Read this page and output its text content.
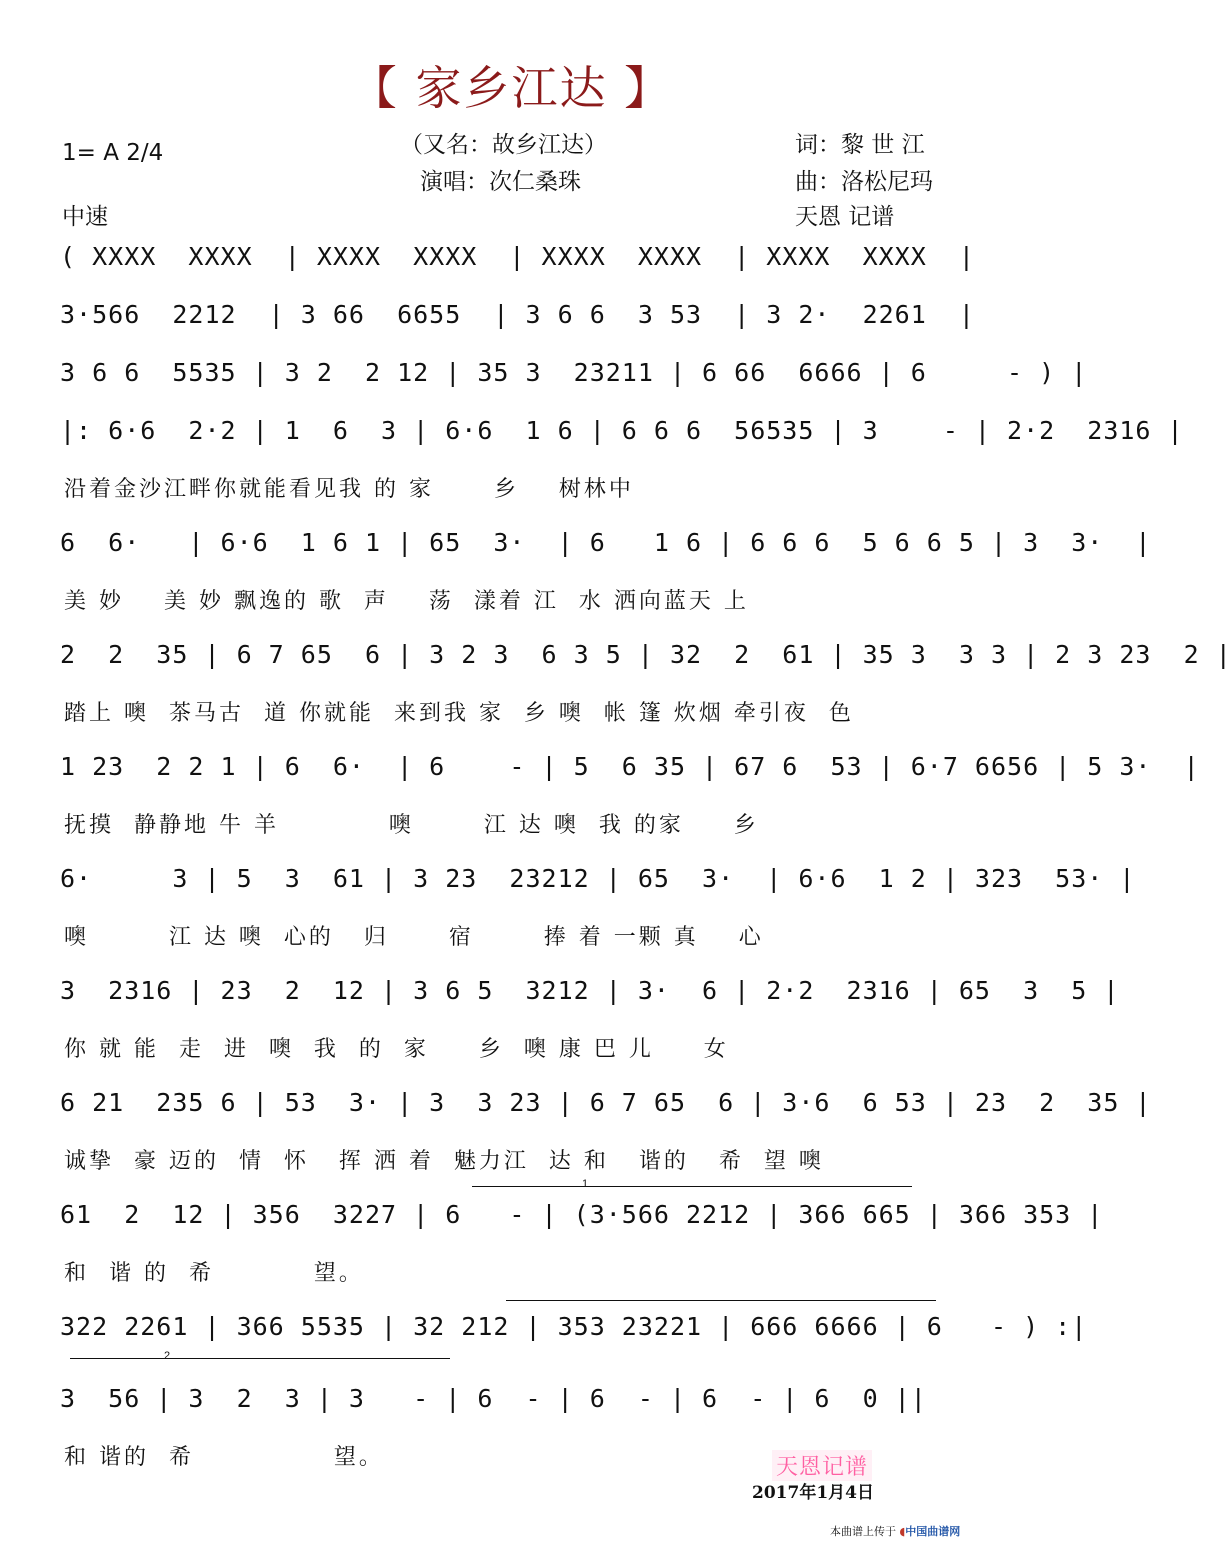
【 家乡江达 】
（又名：故乡江达）
演唱：次仁桑珠
词：黎 世 江
曲：洛松尼玛
天恩 记谱
1= A 2/4
中速

( XXXX  XXXX  | XXXX  XXXX  | XXXX  XXXX  | XXXX  XXXX  |

3·566  2212  | 3 66  6655  | 3 6 6  3 53  | 3 2·  2261  |

3 6 6  5535 | 3 2  2 12 | 35 3  23211 | 6 66  6666 | 6     - ) |

|: 6·6  2·2 | 1  6  3 | 6·6  1 6 | 6 6 6  56535 | 3    - | 2·2  2316 |

沿着金沙江畔你就能看见我 的 家      乡    树林中

6  6·   | 6·6  1 6 1 | 65  3·  | 6   1 6 | 6 6 6  5 6 6 5 | 3  3·  |

美 妙    美 妙 飘逸的 歌  声    荡  漾着 江  水 洒向蓝天 上

2  2  35 | 6 7 65  6 | 3 2 3  6 3 5 | 32  2  61 | 35 3  3 3 | 2 3 23  2 |

踏上 噢  茶马古  道 你就能  来到我 家  乡 噢  帐 篷 炊烟 牵引夜  色

1 23  2 2 1 | 6  6·  | 6    - | 5  6 35 | 67 6  53 | 6·7 6656 | 5 3·  |

抚摸  静静地 牛 羊           噢       江 达 噢  我 的家     乡

6·     3 | 5  3  61 | 3 23  23212 | 65  3·  | 6·6  1 2 | 323  53· |

噢        江 达 噢  心的   归      宿       捧 着 一颗 真    心

3  2316 | 23  2  12 | 3 6 5  3212 | 3·  6 | 2·2  2316 | 65  3  5 |

你 就 能  走  进  噢  我  的  家     乡  噢 康 巴 儿     女

6 21  235 6 | 53  3· | 3  3 23 | 6 7 65  6 | 3·6  6 53 | 23  2  35 |

诚挚  豪 迈的  情  怀   挥 洒 着  魅力江  达 和   谐的   希  望 噢

1

61  2  12 | 356  3227 | 6   - | (3·566 2212 | 366 665 | 366 353 |

和  谐 的  希          望。

322 2261 | 366 5535 | 32 212 | 353 23221 | 666 6666 | 6   - ) :|

2

3  56 | 3  2  3 | 3   - | 6  - | 6  - | 6  - | 6  0 ||

和 谐的  希              望。

	天恩记谱
2017年1月4日
本曲谱上传于 ◖中国曲谱网
